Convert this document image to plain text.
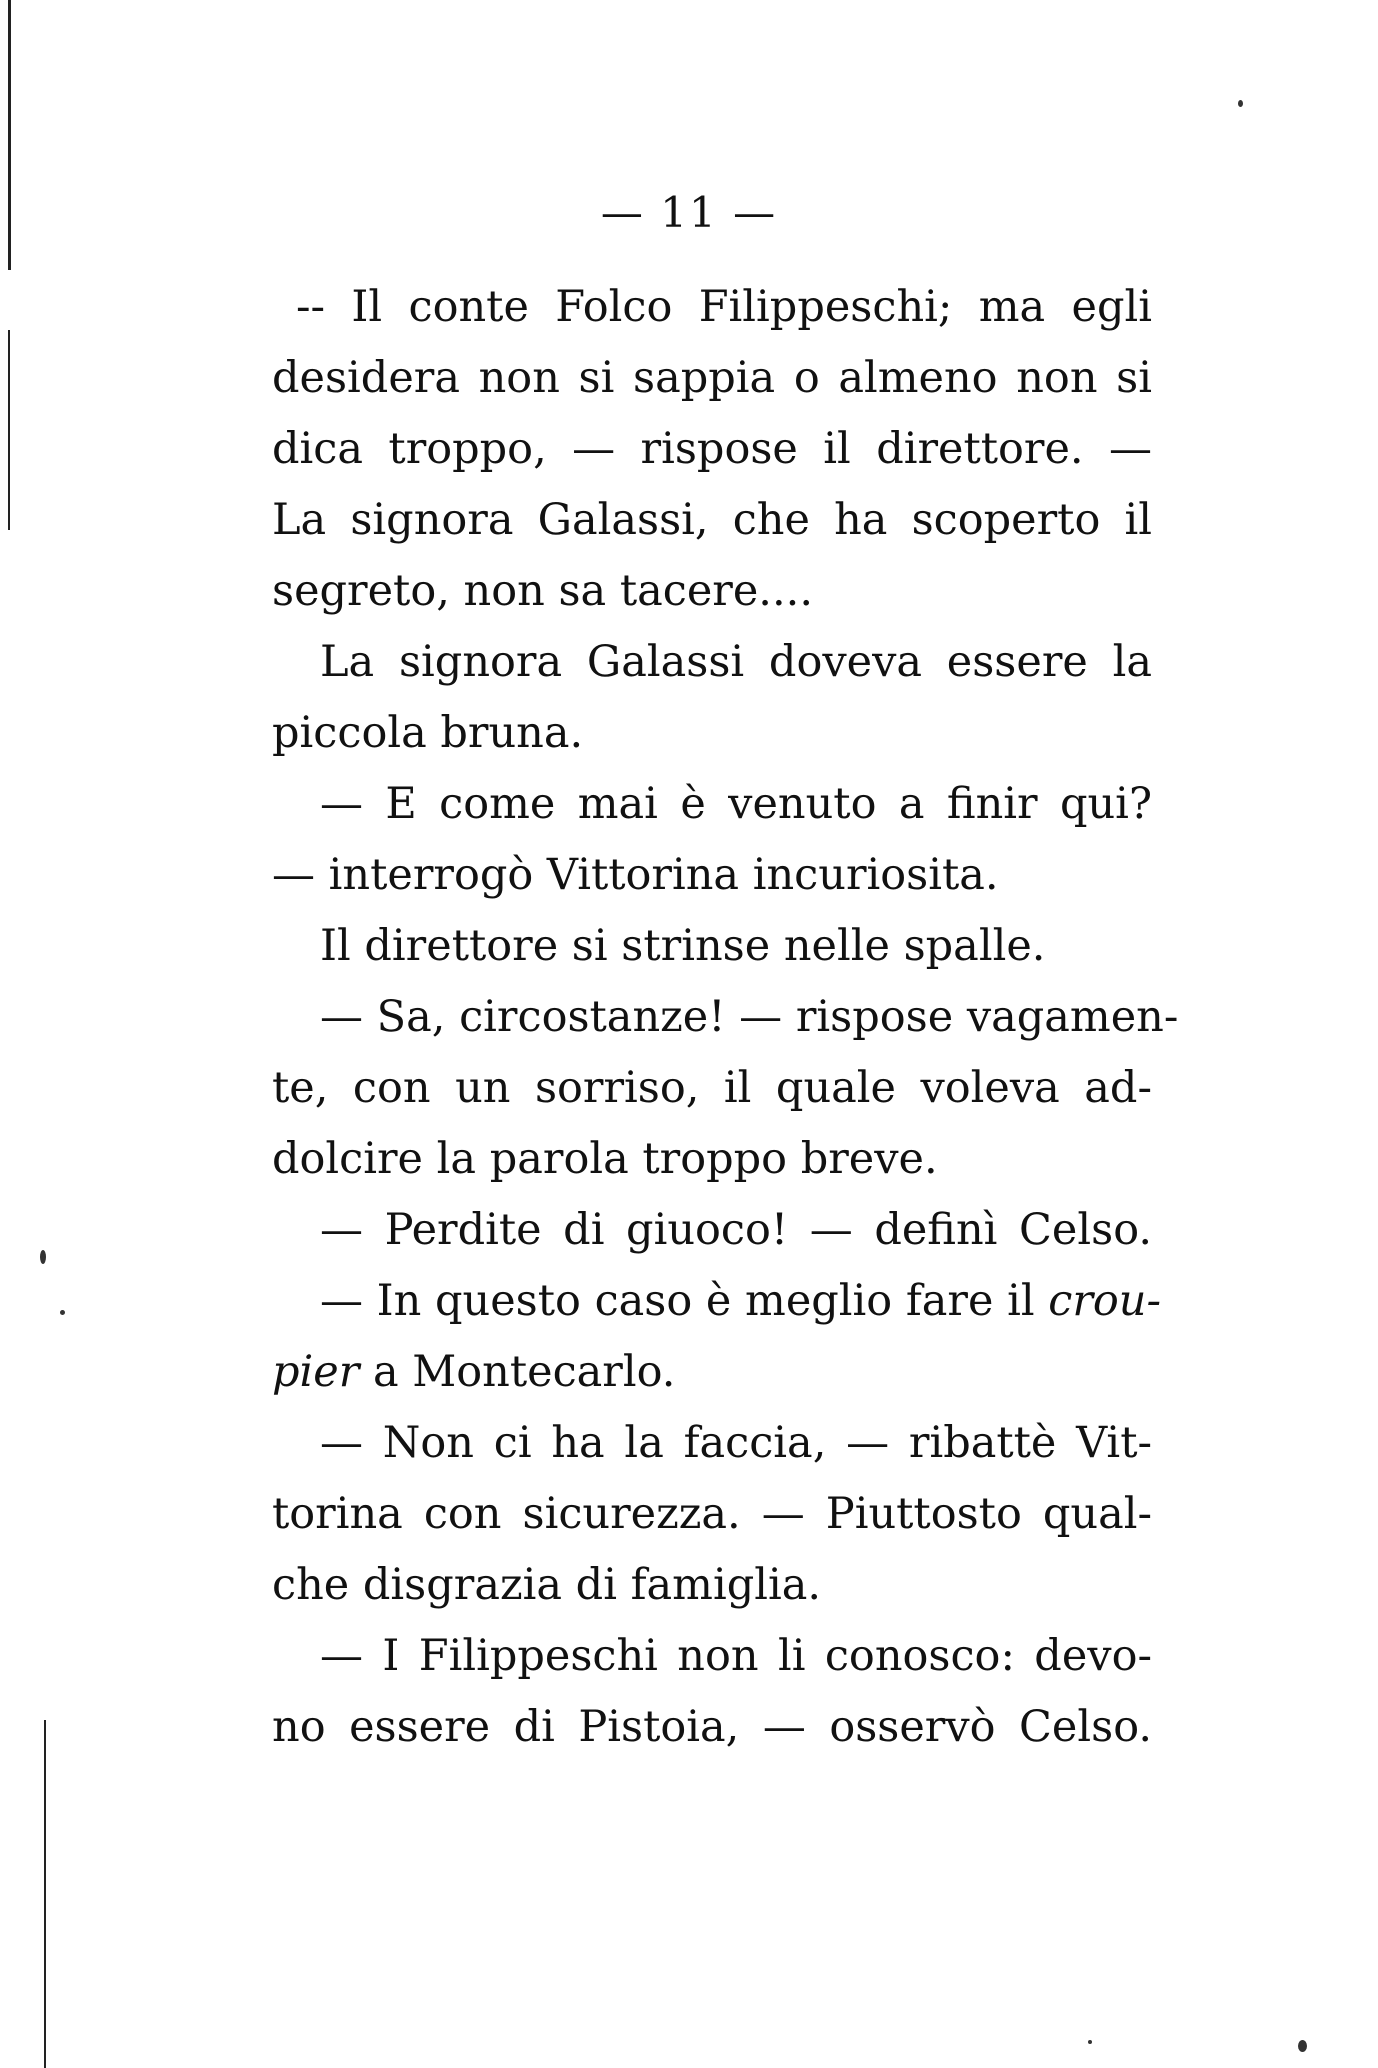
— 11 —
-- Il conte Folco Filippeschi; ma egli
desidera non si sappia o almeno non si
dica troppo, — rispose il direttore. —
La signora Galassi, che ha scoperto il
segreto, non sa tacere....
La signora Galassi doveva essere la
piccola bruna.
— E come mai è venuto a finir qui?
— interrogò Vittorina incuriosita.
Il direttore si strinse nelle spalle.
— Sa, circostanze! — rispose vagamen-
te, con un sorriso, il quale voleva ad-
dolcire la parola troppo breve.
— Perdite di giuoco! — definì Celso.
— In questo caso è meglio fare il crou-
pier a Montecarlo.
— Non ci ha la faccia, — ribattè Vit-
torina con sicurezza. — Piuttosto qual-
che disgrazia di famiglia.
— I Filippeschi non li conosco: devo-
no essere di Pistoia, — osservò Celso.
